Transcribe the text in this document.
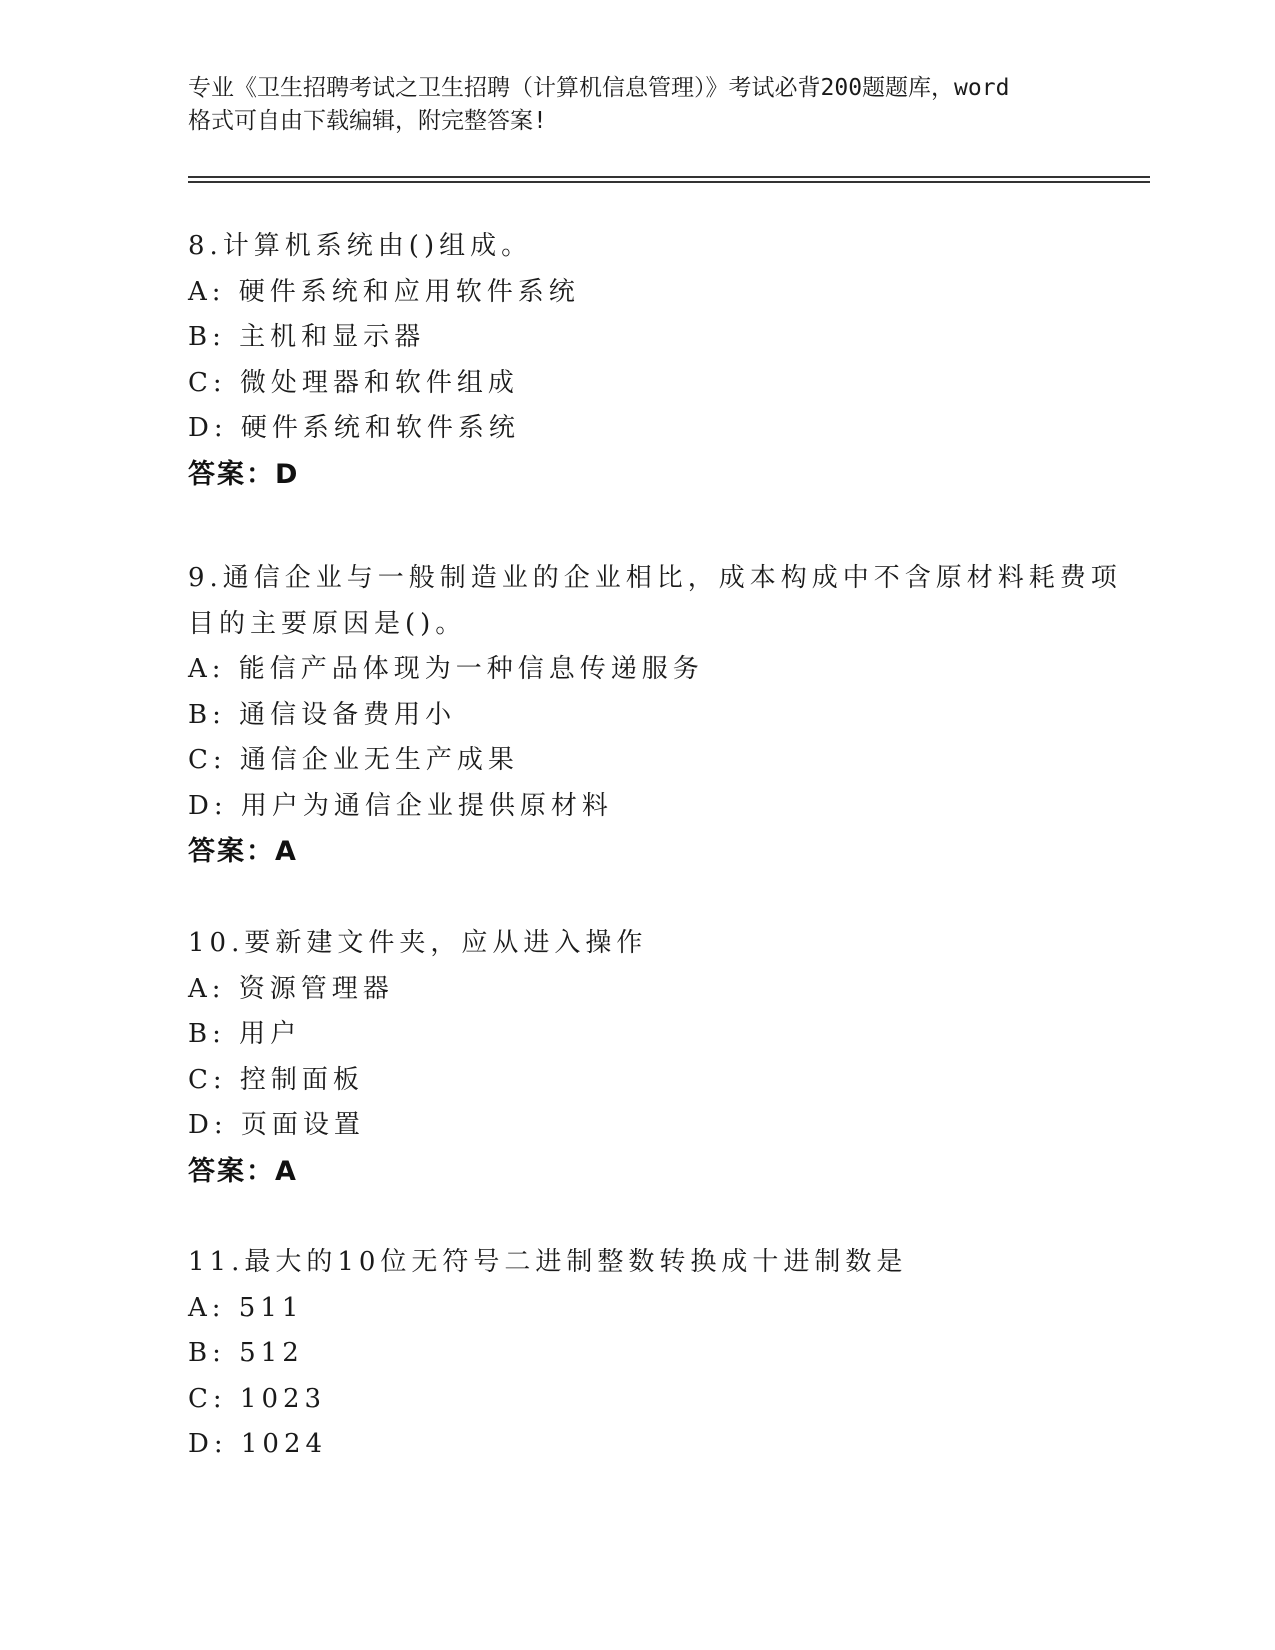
专业《卫生招聘考试之卫生招聘（计算机信息管理）》考试必背200题题库，word
格式可自由下载编辑，附完整答案!
8.计算机系统由()组成。
A: 硬件系统和应用软件系统
B: 主机和显示器
C: 微处理器和软件组成
D: 硬件系统和软件系统
答案：D
9.通信企业与一般制造业的企业相比，成本构成中不含原材料耗费项
目的主要原因是()。
A: 能信产品体现为一种信息传递服务
B: 通信设备费用小
C: 通信企业无生产成果
D: 用户为通信企业提供原材料
答案：A
10.要新建文件夹，应从进入操作
A: 资源管理器
B: 用户
C: 控制面板
D: 页面设置
答案：A
11.最大的10位无符号二进制整数转换成十进制数是
A: 511
B: 512
C: 1023
D: 1024
